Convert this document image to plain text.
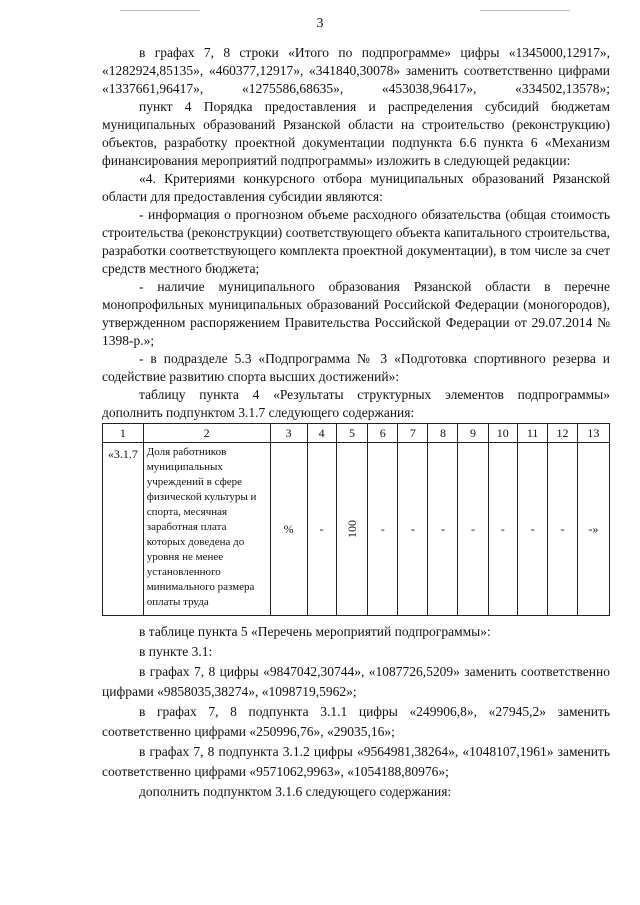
3

в графах 7, 8 строки «Итого по подпрограмме» цифры «1345000,12917», «1282924,85135», «460377,12917», «341840,30078» заменить соответственно цифрами «1337661,96417», «1275586,68635», «453038,96417», «334502,13578»;

пункт 4 Порядка предоставления и распределения субсидий бюджетам муниципальных образований Рязанской области на строительство (реконструкцию) объектов, разработку проектной документации подпункта 6.6 пункта 6 «Механизм финансирования мероприятий подпрограммы» изложить в следующей редакции:

«4. Критериями конкурсного отбора муниципальных образований Рязанской области для предоставления субсидии являются:

- информация о прогнозном объеме расходного обязательства (общая стоимость строительства (реконструкции) соответствующего объекта капитального строительства, разработки соответствующего комплекта проектной документации), в том числе за счет средств местного бюджета;

- наличие муниципального образования Рязанской области в перечне монопрофильных муниципальных образований Российской Федерации (моногородов), утвержденном распоряжением Правительства Российской Федерации от 29.07.2014 № 1398-р.»;

- в подразделе 5.3 «Подпрограмма № 3 «Подготовка спортивного резерва и содействие развитию спорта высших достижений»:

таблицу пункта 4 «Результаты структурных элементов подпрограммы» дополнить подпунктом 3.1.7 следующего содержания:

1	2	3	4	5	6	7	8	9	10	11	12	13
«3.1.7	Доля работников муниципальных учреждений в сфере физической культуры и спорта, месячная заработная плата которых доведена до уровня не менее установленного минимального размера оплаты труда	%	-	100	-	-	-	-	-	-	-	-»

в таблице пункта 5 «Перечень мероприятий подпрограммы»:

в пункте 3.1:

в графах 7, 8 цифры «9847042,30744», «1087726,5209» заменить соответственно цифрами «9858035,38274», «1098719,5962»;

в графах 7, 8 подпункта 3.1.1 цифры «249906,8», «27945,2» заменить соответственно цифрами «250996,76», «29035,16»;

в графах 7, 8 подпункта 3.1.2 цифры «9564981,38264», «1048107,1961» заменить соответственно цифрами «9571062,9963», «1054188,80976»;

дополнить подпунктом 3.1.6 следующего содержания:
